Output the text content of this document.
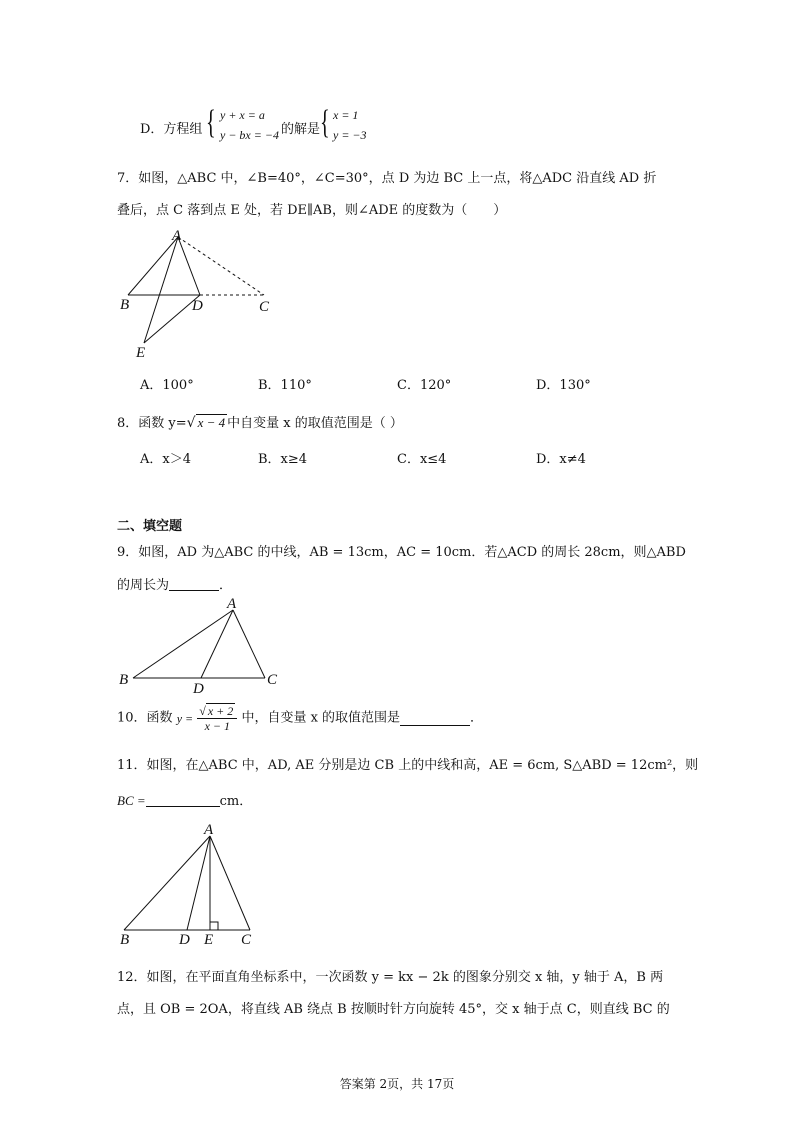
D．方程组 { y + x = a
y − bx = −4 的解是 { x = 1
y = −3
7．如图，△ABC 中，∠B=40°，∠C=30°，点 D 为边 BC 上一点，将△ADC 沿直线 AD 折
叠后，点 C 落到点 E 处，若 DE∥AB，则∠ADE 的度数为（　　）
A
B	D	C
E
A．100°	B．110°	C．120°	D．130°
8．函数 y=√ x − 4 中自变量 x 的取值范围是（ ）
A．x＞4	B．x≥4	C．x≤4	D．x≠4
二、填空题
9．如图，AD 为△ABC 的中线，AB = 13cm，AC = 10cm．若△ACD 的周长 28cm，则△ABD
的周长为	．
A
B
D
C
10．函数 $y = \frac{√ x + 2}{x - 1}$ 中，自变量 x 的取值范围是	．
11．如图，在△ABC 中，AD, AE 分别是边 CB 上的中线和高，AE = 6cm, S△ABD = 12cm²，则
BC =	cm．
A
B	D E C
12．如图，在平面直角坐标系中，一次函数 y = kx − 2k 的图象分别交 x 轴，y 轴于 A，B 两
点，且 OB = 2OA，将直线 AB 绕点 B 按顺时针方向旋转 45°，交 x 轴于点 C，则直线 BC 的
答案第 2页，共 17页
